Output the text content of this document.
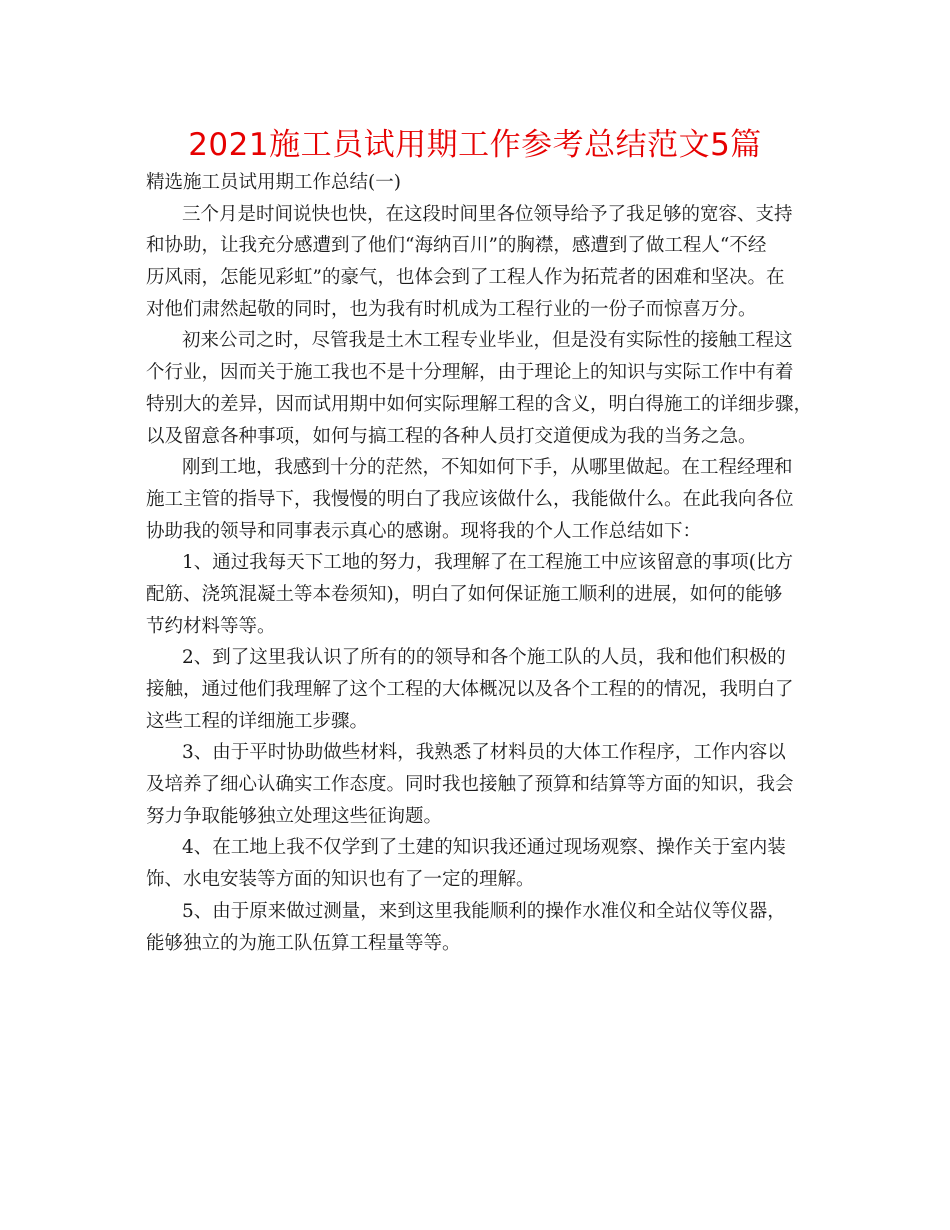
2021施工员试用期工作参考总结范文5篇
精选施工员试用期工作总结(一)
三个月是时间说快也快，在这段时间里各位领导给予了我足够的宽容、支持
和协助，让我充分感遭到了他们“海纳百川”的胸襟，感遭到了做工程人“不经
历风雨，怎能见彩虹”的豪气，也体会到了工程人作为拓荒者的困难和坚决。在
对他们肃然起敬的同时，也为我有时机成为工程行业的一份子而惊喜万分。
初来公司之时，尽管我是土木工程专业毕业，但是没有实际性的接触工程这
个行业，因而关于施工我也不是十分理解，由于理论上的知识与实际工作中有着
特别大的差异，因而试用期中如何实际理解工程的含义，明白得施工的详细步骤，
以及留意各种事项，如何与搞工程的各种人员打交道便成为我的当务之急。
刚到工地，我感到十分的茫然，不知如何下手，从哪里做起。在工程经理和
施工主管的指导下，我慢慢的明白了我应该做什么，我能做什么。在此我向各位
协助我的领导和同事表示真心的感谢。现将我的个人工作总结如下：
1、通过我每天下工地的努力，我理解了在工程施工中应该留意的事项(比方
配筋、浇筑混凝土等本卷须知)，明白了如何保证施工顺利的进展，如何的能够
节约材料等等。
2、到了这里我认识了所有的的领导和各个施工队的人员，我和他们积极的
接触，通过他们我理解了这个工程的大体概况以及各个工程的的情况，我明白了
这些工程的详细施工步骤。
3、由于平时协助做些材料，我熟悉了材料员的大体工作程序，工作内容以
及培养了细心认确实工作态度。同时我也接触了预算和结算等方面的知识，我会
努力争取能够独立处理这些征询题。
4、在工地上我不仅学到了土建的知识我还通过现场观察、操作关于室内装
饰、水电安装等方面的知识也有了一定的理解。
5、由于原来做过测量，来到这里我能顺利的操作水准仪和全站仪等仪器，
能够独立的为施工队伍算工程量等等。
